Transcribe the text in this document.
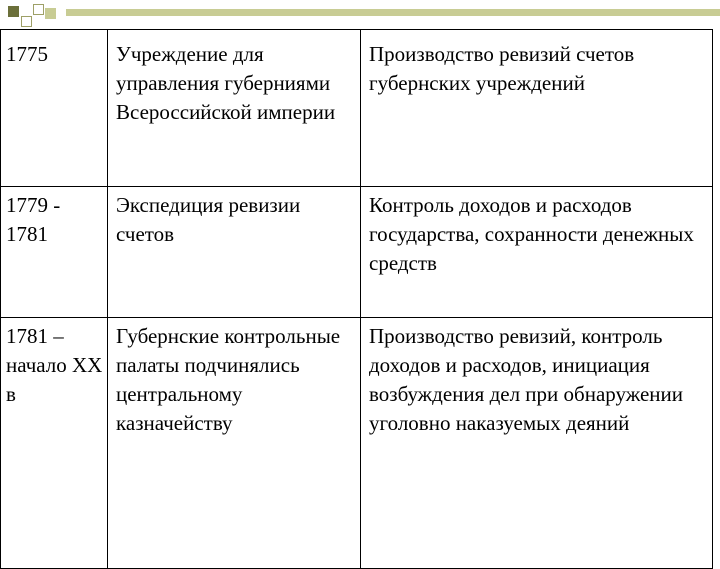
1775	Учреждение для управления губерниями Всероссийской империи	Производство ревизий счетов губернских учреждений
1779 - 1781	Экспедиция ревизии счетов	Контроль доходов и расходов государства, сохранности денежных средств
1781 – начало XX в	Губернские контрольные палаты подчинялись центральному казначейству	Производство ревизий, контроль доходов и расходов, инициация возбуждения дел при обнаружении уголовно наказуемых деяний
